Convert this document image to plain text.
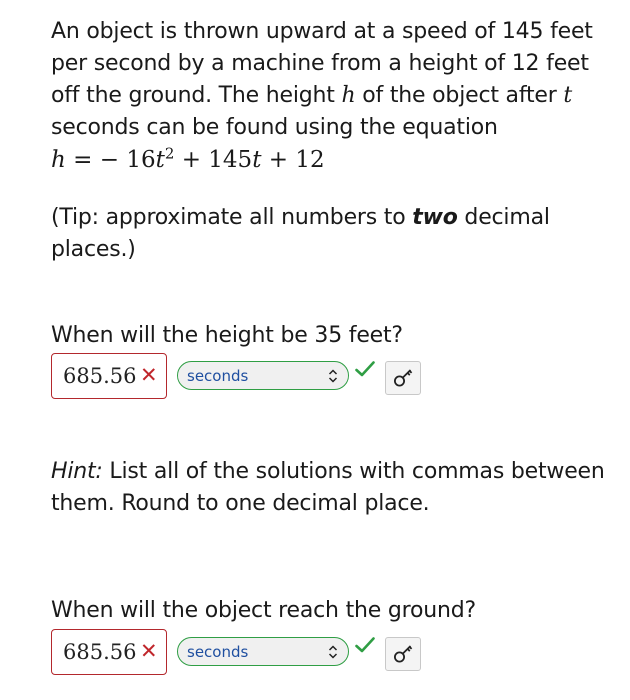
An object is thrown upward at a speed of 145 feet per second by a machine from a height of 12 feet off the ground. The height h of the object after t seconds can be found using the equation

h = − $16t^2 + 145t + 12$

(Tip: approximate all numbers to two decimal places.)

When will the height be 35 feet?

685.56 ✕ seconds

Hint: List all of the solutions with commas between them. Round to one decimal place.

When will the object reach the ground?

685.56 ✕ seconds
